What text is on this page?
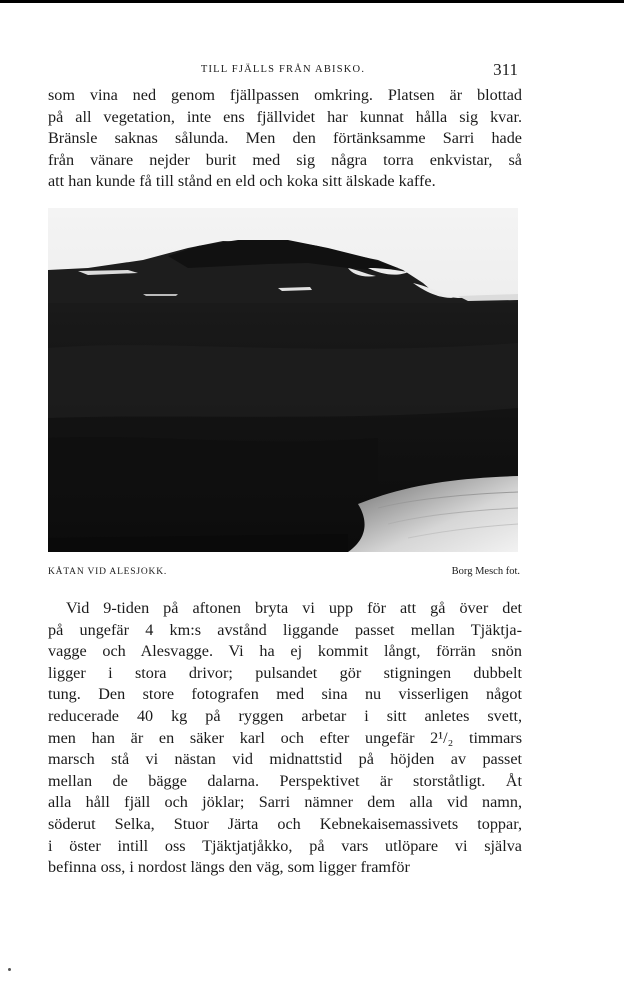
TILL FJÄLLS FRÅN ABISKO.	311
som vina ned genom fjällpassen omkring. Platsen är blottad
på all vegetation, inte ens fjällvidet har kunnat hålla sig kvar.
Bränsle saknas sålunda. Men den förtänksamme Sarri hade
från vänare nejder burit med sig några torra enkvistar, så
att han kunde få till stånd en eld och koka sitt älskade kaffe.
KÅTAN VID ALESJOKK.	Borg Mesch fot.
Vid 9-tiden på aftonen bryta vi upp för att gå över det
på ungefär 4 km:s avstånd liggande passet mellan Tjäktja-
vagge och Alesvagge. Vi ha ej kommit långt, förrän snön
ligger i stora drivor; pulsandet gör stigningen dubbelt
tung. Den store fotografen med sina nu visserligen något
reducerade 40 kg på ryggen arbetar i sitt anletes svett,
men han är en säker karl och efter ungefär 2¹/₂ timmars
marsch stå vi nästan vid midnattstid på höjden av passet
mellan de bägge dalarna. Perspektivet är storståtligt. Åt
alla håll fjäll och jöklar; Sarri nämner dem alla vid namn,
söderut Selka, Stuor Järta och Kebnekaisemassivets toppar,
i öster intill oss Tjäktjatjåkko, på vars utlöpare vi själva
befinna oss, i nordost längs den väg, som ligger framför
